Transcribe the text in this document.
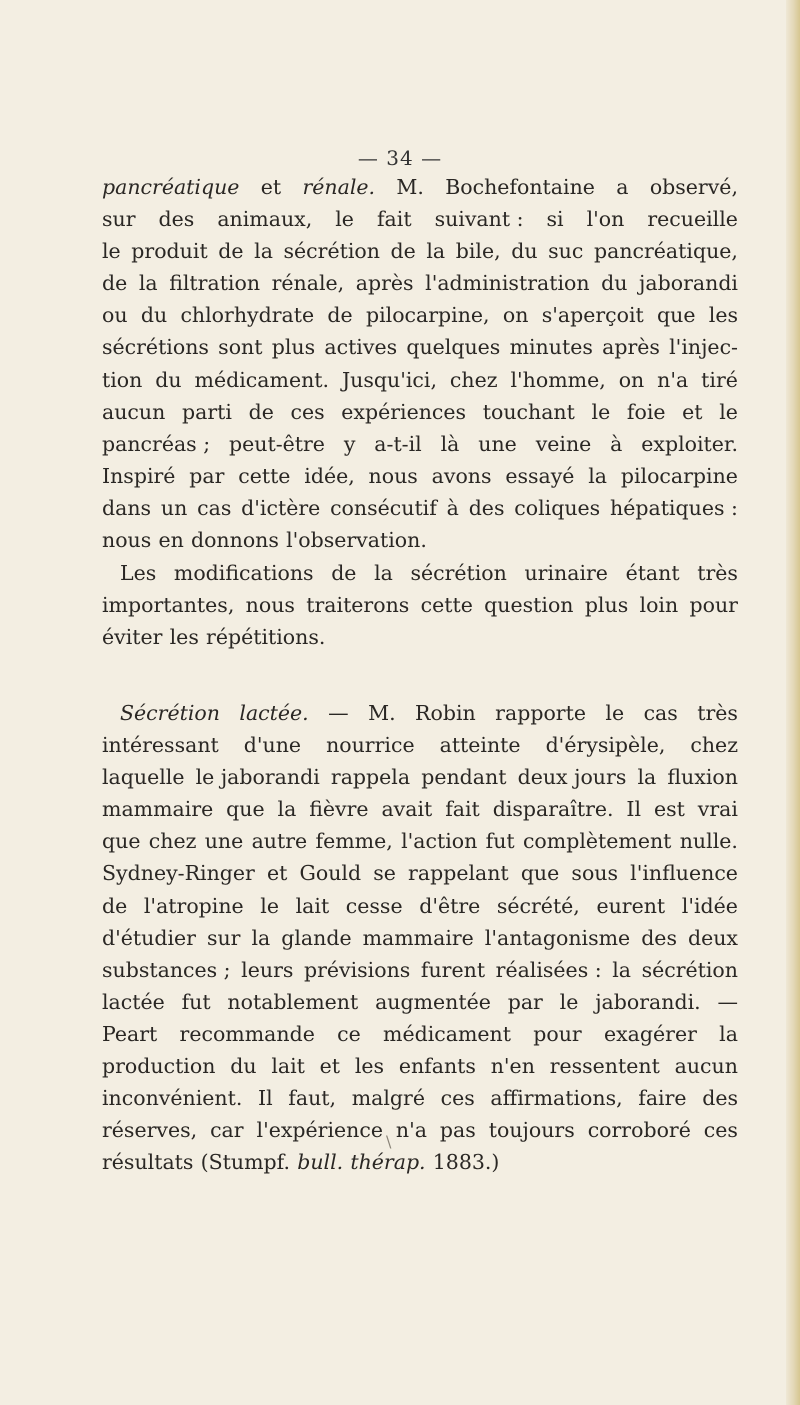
— 34 —
pancréatique et rénale. M. Bochefontaine a observé,
sur des animaux, le fait suivant : si l'on recueille
le produit de la sécrétion de la bile, du suc pancréatique,
de la filtration rénale, après l'administration du jaborandi
ou du chlorhydrate de pilocarpine, on s'aperçoit que les
sécrétions sont plus actives quelques minutes après l'injec-
tion du médicament. Jusqu'ici, chez l'homme, on n'a tiré
aucun parti de ces expériences touchant le foie et le
pancréas ; peut-être y a-t-il là une veine à exploiter.
Inspiré par cette idée, nous avons essayé la pilocarpine
dans un cas d'ictère consécutif à des coliques hépatiques :
nous en donnons l'observation.
Les modifications de la sécrétion urinaire étant très
importantes, nous traiterons cette question plus loin pour
éviter les répétitions.
Sécrétion lactée. — M. Robin rapporte le cas très
intéressant d'une nourrice atteinte d'érysipèle, chez
laquelle le jaborandi rappela pendant deux jours la fluxion
mammaire que la fièvre avait fait disparaître. Il est vrai
que chez une autre femme, l'action fut complètement nulle.
Sydney-Ringer et Gould se rappelant que sous l'influence
de l'atropine le lait cesse d'être sécrété, eurent l'idée
d'étudier sur la glande mammaire l'antagonisme des deux
substances ; leurs prévisions furent réalisées : la sécrétion
lactée fut notablement augmentée par le jaborandi. —
Peart recommande ce médicament pour exagérer la
production du lait et les enfants n'en ressentent aucun
inconvénient. Il faut, malgré ces affirmations, faire des
réserves, car l'expérience n'a pas toujours corroboré ces
résultats (Stumpf. bull. thérap. 1883.)
\
